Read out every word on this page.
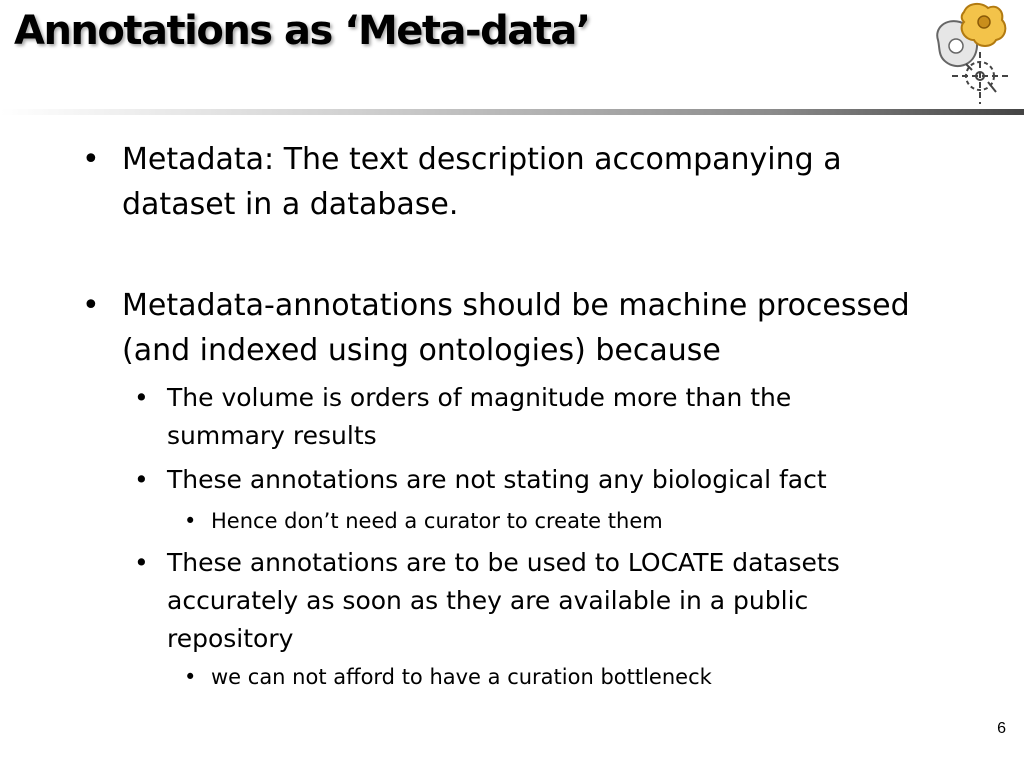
Annotations as ‘Meta-data’
• Metadata: The text description accompanying a dataset in a database.
• Metadata-annotations should be machine processed (and indexed using ontologies) because
• The volume is orders of magnitude more than the summary results
• These annotations are not stating any biological fact
• Hence don’t need a curator to create them
• These annotations are to be used to LOCATE datasets accurately as soon as they are available in a public repository
• we can not afford to have a curation bottleneck
6
